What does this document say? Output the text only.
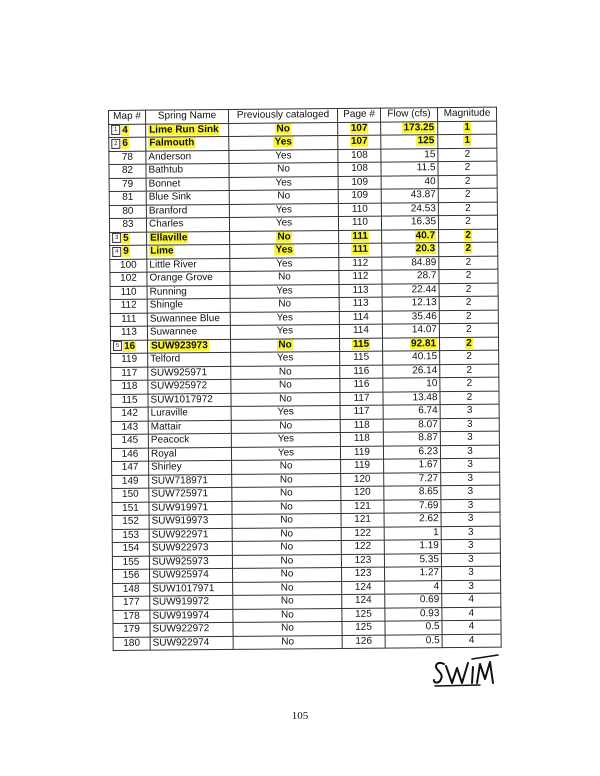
Map #	Spring Name	Previously cataloged	Page #	Flow (cfs)	Magnitude
1 4	Lime Run Sink	No	107	173.25	1
2 6	Falmouth	Yes	107	125	1
78	Anderson	Yes	108	15	2
82	Bathtub	No	108	11.5	2
79	Bonnet	Yes	109	40	2
81	Blue Sink	No	109	43.87	2
80	Branford	Yes	110	24.53	2
83	Charles	Yes	110	16.35	2
3 5	Ellaville	No	111	40.7	2
4 9	Lime	Yes	111	20.3	2
100	Little River	Yes	112	84.89	2
102	Orange Grove	No	112	28.7	2
110	Running	Yes	113	22.44	2
112	Shingle	No	113	12.13	2
111	Suwannee Blue	Yes	114	35.46	2
113	Suwannee	Yes	114	14.07	2
5 16	SUW923973	No	115	92.81	2
119	Telford	Yes	115	40.15	2
117	SUW925971	No	116	26.14	2
118	SUW925972	No	116	10	2
115	SUW1017972	No	117	13.48	2
142	Luraville	Yes	117	6.74	3
143	Mattair	No	118	8.07	3
145	Peacock	Yes	118	8.87	3
146	Royal	Yes	119	6.23	3
147	Shirley	No	119	1.67	3
149	SUW718971	No	120	7.27	3
150	SUW725971	No	120	8.65	3
151	SUW919971	No	121	7.69	3
152	SUW919973	No	121	2.62	3
153	SUW922971	No	122	1	3
154	SUW922973	No	122	1.19	3
155	SUW925973	No	123	5.35	3
156	SUW925974	No	123	1.27	3
148	SUW1017971	No	124	4	3
177	SUW919972	No	124	0.69	4
178	SUW919974	No	125	0.93	4
179	SUW922972	No	125	0.5	4
180	SUW922974	No	126	0.5	4
105
